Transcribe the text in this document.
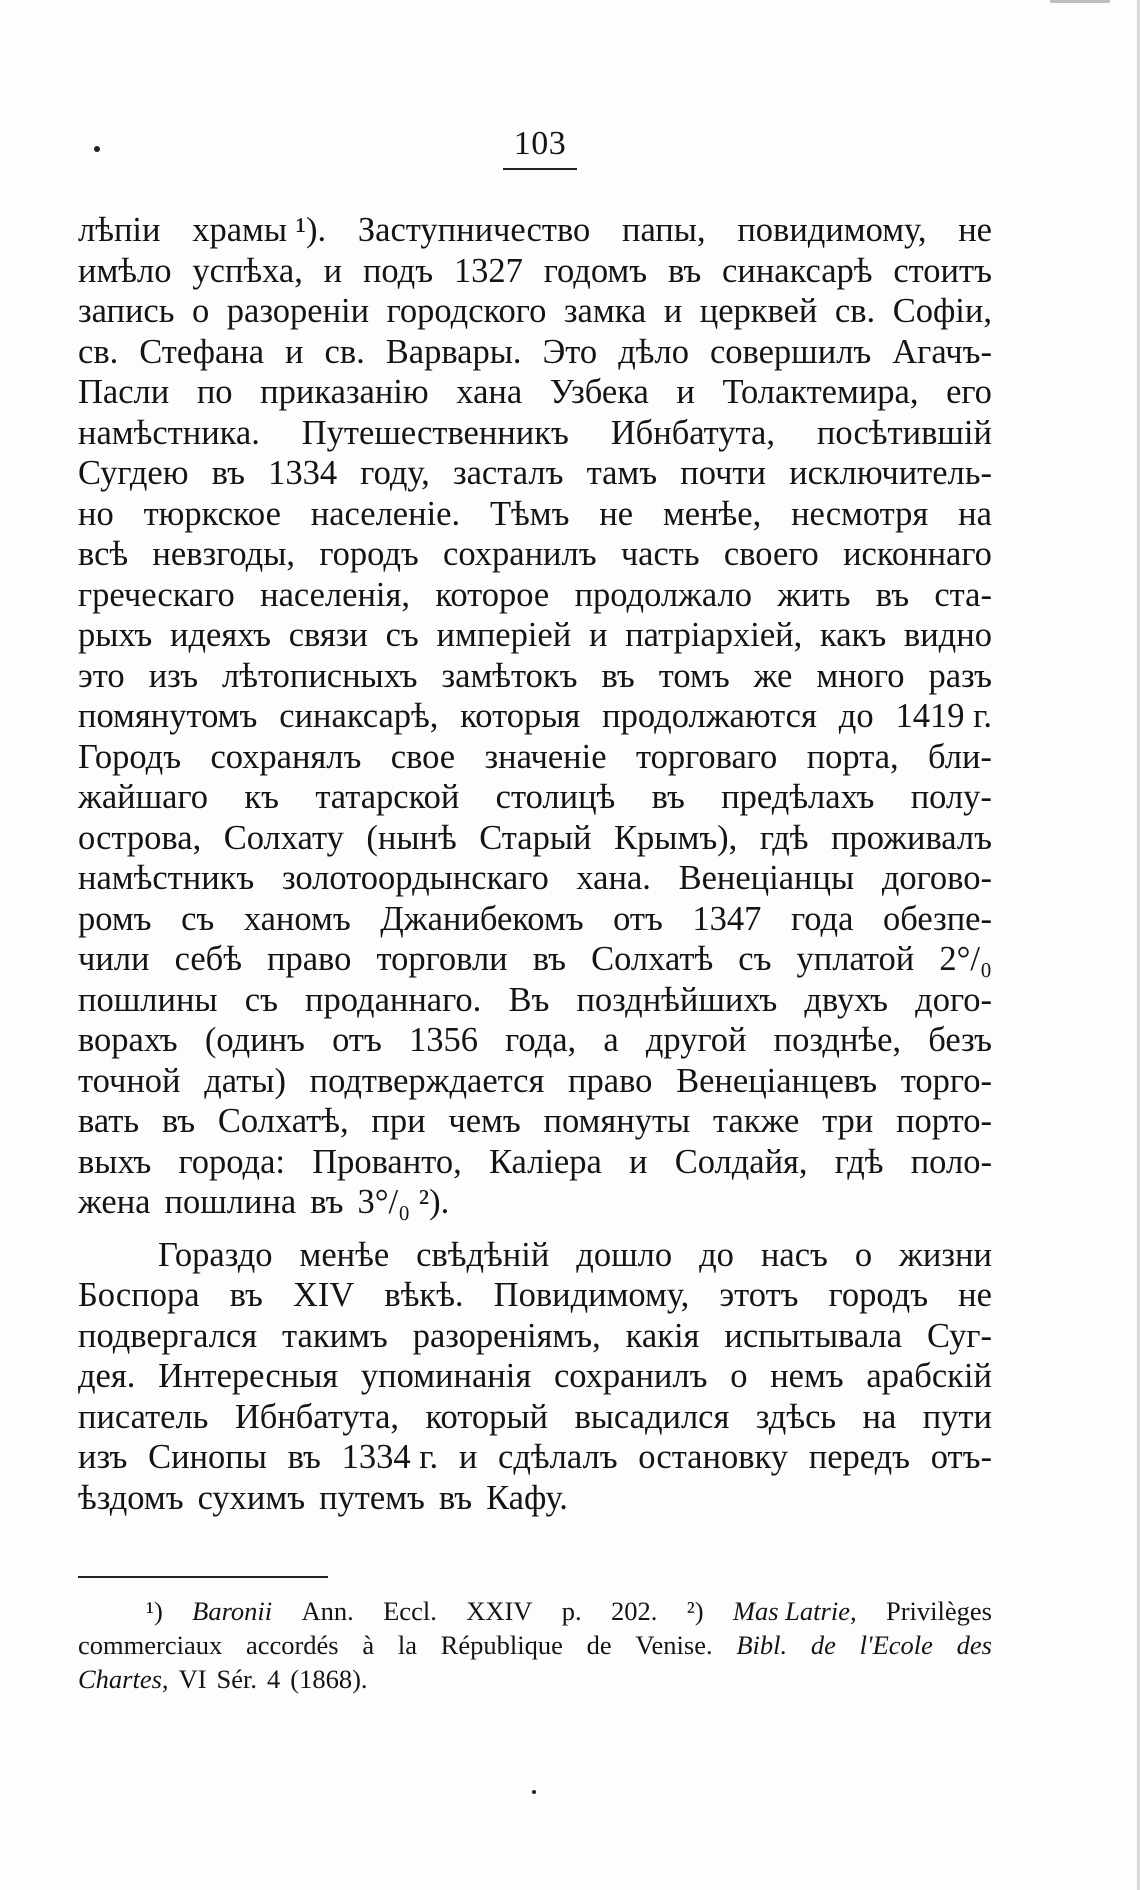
103
лѣпіи храмы ¹). Заступничество папы, повидимому, не
имѣло успѣха, и подъ 1327 годомъ въ синаксарѣ стоитъ
запись о разореніи городского замка и церквей св. Софіи,
св. Стефана и св. Варвары. Это дѣло совершилъ Агачъ-
Пасли по приказанію хана Узбека и Толактемира, его
намѣстника. Путешественникъ Ибнбатута, посѣтившій
Сугдею въ 1334 году, засталъ тамъ почти исключитель-
но тюркское населеніе. Тѣмъ не менѣе, несмотря на
всѣ невзгоды, городъ сохранилъ часть своего исконнаго
греческаго населенія, которое продолжало жить въ ста-
рыхъ идеяхъ связи съ имперіей и патріархіей, какъ видно
это изъ лѣтописныхъ замѣтокъ въ томъ же много разъ
помянутомъ синаксарѣ, которыя продолжаются до 1419 г.
Городъ сохранялъ свое значеніе торговаго порта, бли-
жайшаго къ татарской столицѣ въ предѣлахъ полу-
острова, Солхату (нынѣ Старый Крымъ), гдѣ проживалъ
намѣстникъ золотоордынскаго хана. Венеціанцы догово-
ромъ съ ханомъ Джанибекомъ отъ 1347 года обезпе-
чили себѣ право торговли въ Солхатѣ съ уплатой 2°/₀
пошлины съ проданнаго. Въ позднѣйшихъ двухъ дого-
ворахъ (одинъ отъ 1356 года, а другой позднѣе, безъ
точной даты) подтверждается право Венеціанцевъ торго-
вать въ Солхатѣ, при чемъ помянуты также три порто-
выхъ города: Прованто, Каліера и Солдайя, гдѣ поло-
жена пошлина въ 3°/₀ ²).
Гораздо менѣе свѣдѣній дошло до насъ о жизни
Боспора въ XIV вѣкѣ. Повидимому, этотъ городъ не
подвергался такимъ разореніямъ, какія испытывала Суг-
дея. Интересныя упоминанія сохранилъ о немъ арабскій
писатель Ибнбатута, который высадился здѣсь на пути
изъ Синопы въ 1334 г. и сдѣлалъ остановку передъ отъ-
ѣздомъ сухимъ путемъ въ Кафу.
¹) Baronii Ann. Eccl. XXIV p. 202. ²) Mas Latrie, Privilèges
commerciaux accordés à la République de Venise. Bibl. de l'Ecole des
Chartes, VI Sér. 4 (1868).
